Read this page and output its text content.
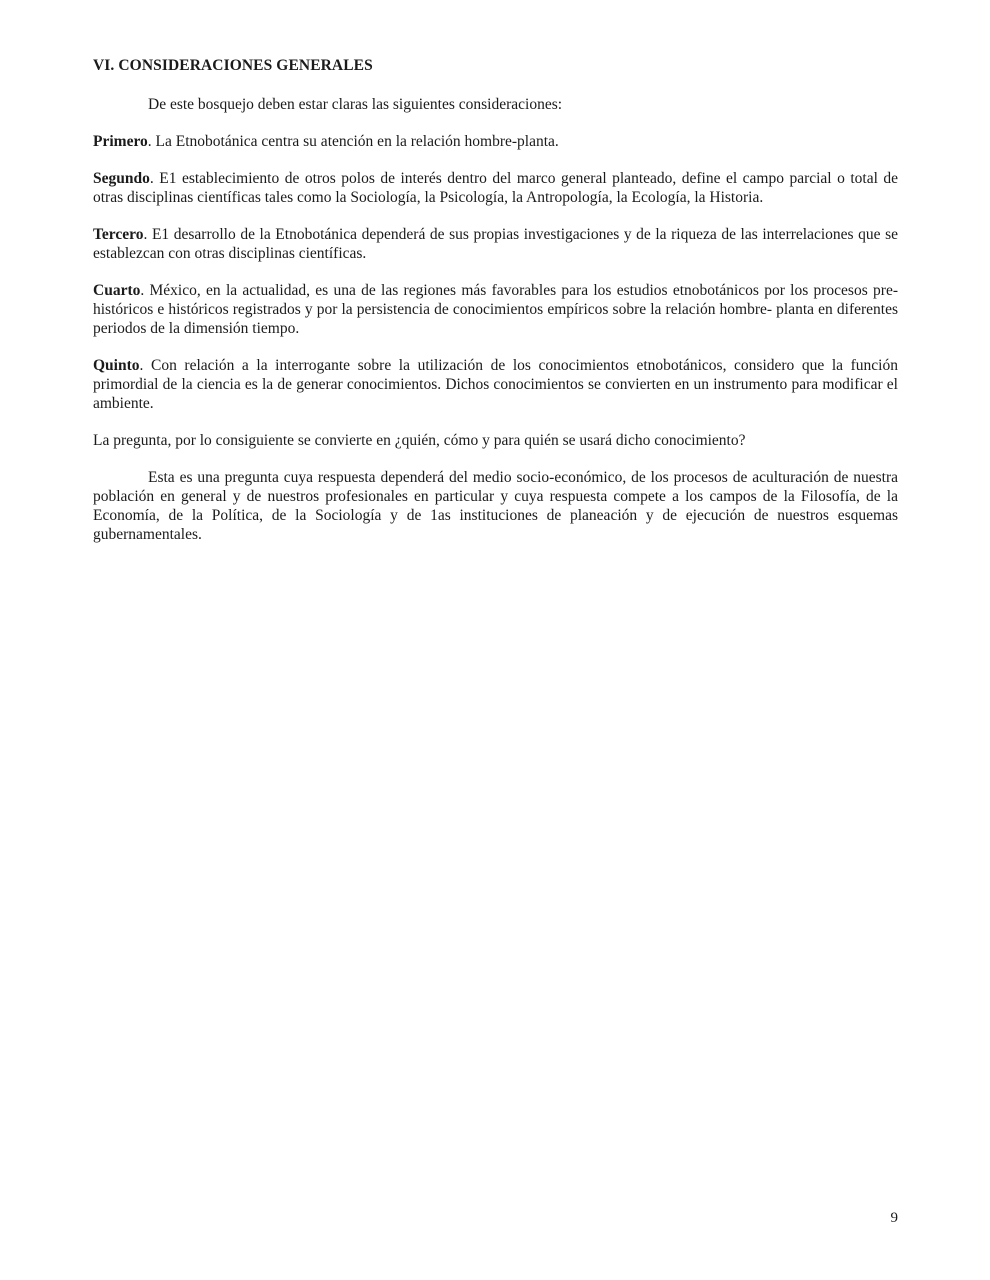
VI. CONSIDERACIONES GENERALES

De este bosquejo deben estar claras las siguientes consideraciones:

Primero. La Etnobotánica centra su atención en la relación hombre-planta.

Segundo. E1 establecimiento de otros polos de interés dentro del marco general planteado, define el campo parcial o total de otras disciplinas científicas tales como la Sociología, la Psicología, la Antropología, la Ecología, la Historia.

Tercero. E1 desarrollo de la Etnobotánica dependerá de sus propias investigaciones y de la riqueza de las interrelaciones que se establezcan con otras disciplinas científicas.

Cuarto. México, en la actualidad, es una de las regiones más favorables para los estudios etnobotánicos por los procesos pre-históricos e históricos registrados y por la persistencia de conocimientos empíricos sobre la relación hombre- planta en diferentes periodos de la dimensión tiempo.

Quinto. Con relación a la interrogante sobre la utilización de los conocimientos etnobotánicos, considero que la función primordial de la ciencia es la de generar conocimientos. Dichos conocimientos se convierten en un instrumento para modificar el ambiente.

La pregunta, por lo consiguiente se convierte en ¿quién, cómo y para quién se usará dicho conocimiento?

Esta es una pregunta cuya respuesta dependerá del medio socio-económico, de los procesos de aculturación de nuestra población en general y de nuestros profesionales en particular y cuya respuesta compete a los campos de la Filosofía, de la Economía, de la Política, de la Sociología y de 1as instituciones de planeación y de ejecución de nuestros esquemas gubernamentales.

9
